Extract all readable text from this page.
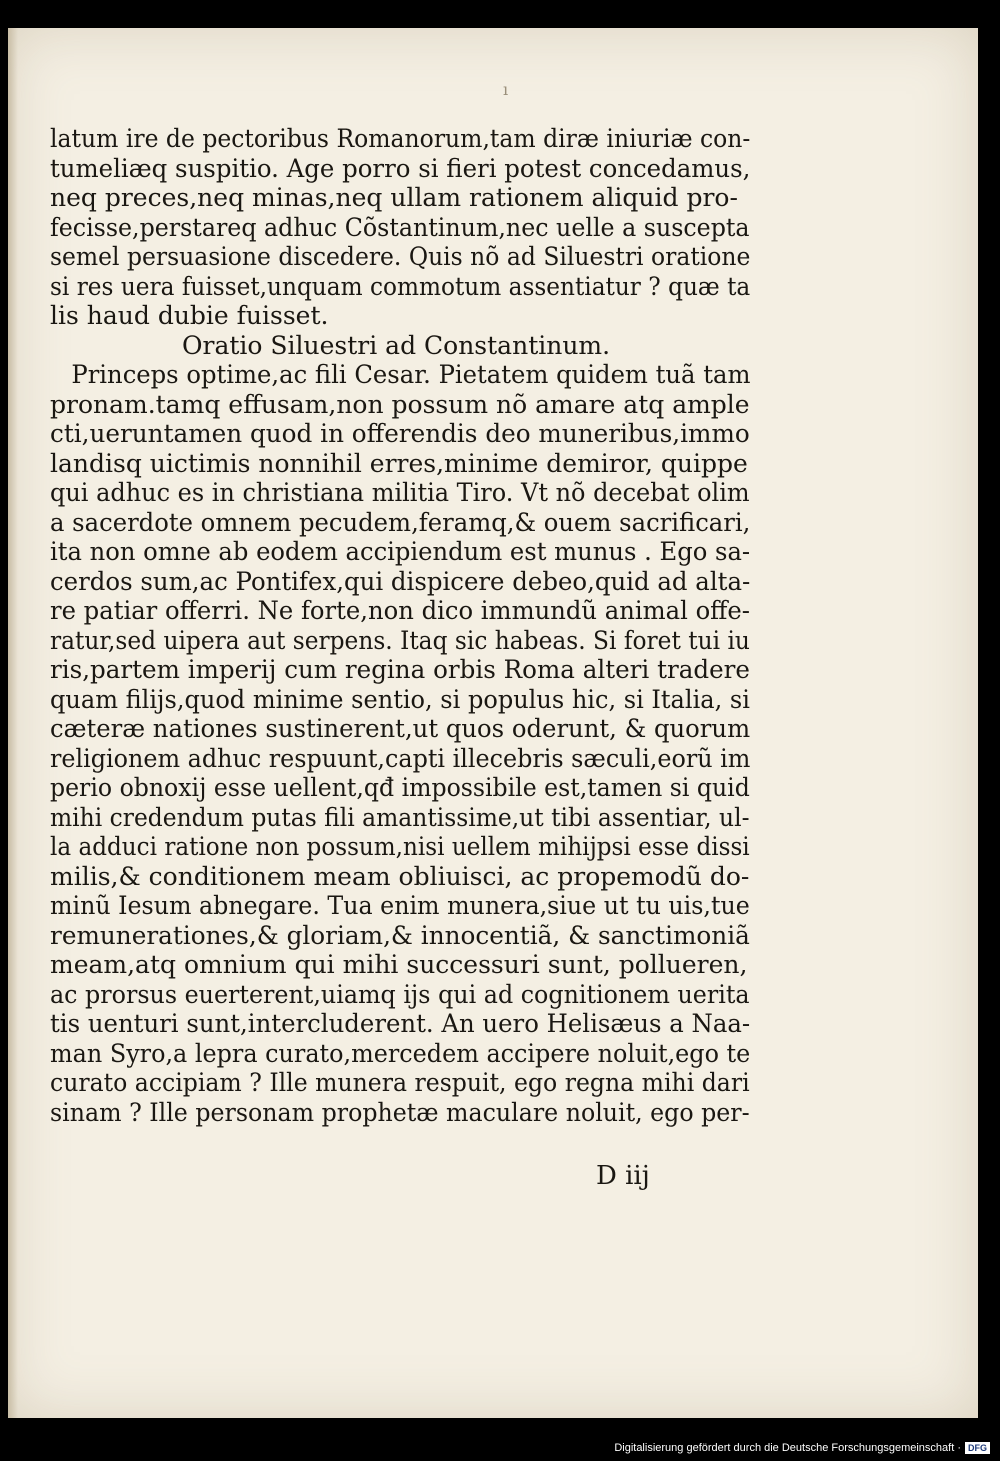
ı
latum ire de pectoribus Romanorum,tam diræ iniuriæ con-
tumeliæq suspitio. Age porro si fieri potest concedamus,
neq preces,neq minas,neq ullam rationem aliquid pro-
fecisse,perstareq adhuc Cõstantinum,nec uelle a suscepta
semel persuasione discedere. Quis nõ ad Siluestri oratione
si res uera fuisset,unquam commotum assentiatur ? quæ ta
lis haud dubie fuisset.
Oratio Siluestri ad Constantinum.
Princeps optime,ac fili Cesar. Pietatem quidem tuã tam
pronam.tamq effusam,non possum nõ amare atq ample
cti,ueruntamen quod in offerendis deo muneribus,immo
landisq uictimis nonnihil erres,minime demiror, quippe
qui adhuc es in christiana militia Tiro. Vt nõ decebat olim
a sacerdote omnem pecudem,feramq,& ouem sacrificari,
ita non omne ab eodem accipiendum est munus . Ego sa-
cerdos sum,ac Pontifex,qui dispicere debeo,quid ad alta-
re patiar offerri. Ne forte,non dico immundũ animal offe-
ratur,sed uipera aut serpens. Itaq sic habeas. Si foret tui iu
ris,partem imperij cum regina orbis Roma alteri tradere
quam filijs,quod minime sentio, si populus hic, si Italia, si
cæteræ nationes sustinerent,ut quos oderunt, & quorum
religionem adhuc respuunt,capti illecebris sæculi,eorũ im
perio obnoxij esse uellent,qđ impossibile est,tamen si quid
mihi credendum putas fili amantissime,ut tibi assentiar, ul-
la adduci ratione non possum,nisi uellem mihijpsi esse dissi
milis,& conditionem meam obliuisci, ac propemodũ do-
minũ Iesum abnegare. Tua enim munera,siue ut tu uis,tue
remunerationes,& gloriam,& innocentiã, & sanctimoniã
meam,atq omnium qui mihi successuri sunt, pollueren,
ac prorsus euerterent,uiamq ijs qui ad cognitionem uerita
tis uenturi sunt,intercluderent. An uero Helisæus a Naa-
man Syro,a lepra curato,mercedem accipere noluit,ego te
curato accipiam ? Ille munera respuit, ego regna mihi dari
sinam ? Ille personam prophetæ maculare noluit, ego per-
D iij
Digitalisierung gefördert durch die Deutsche Forschungsgemeinschaft · DFG
